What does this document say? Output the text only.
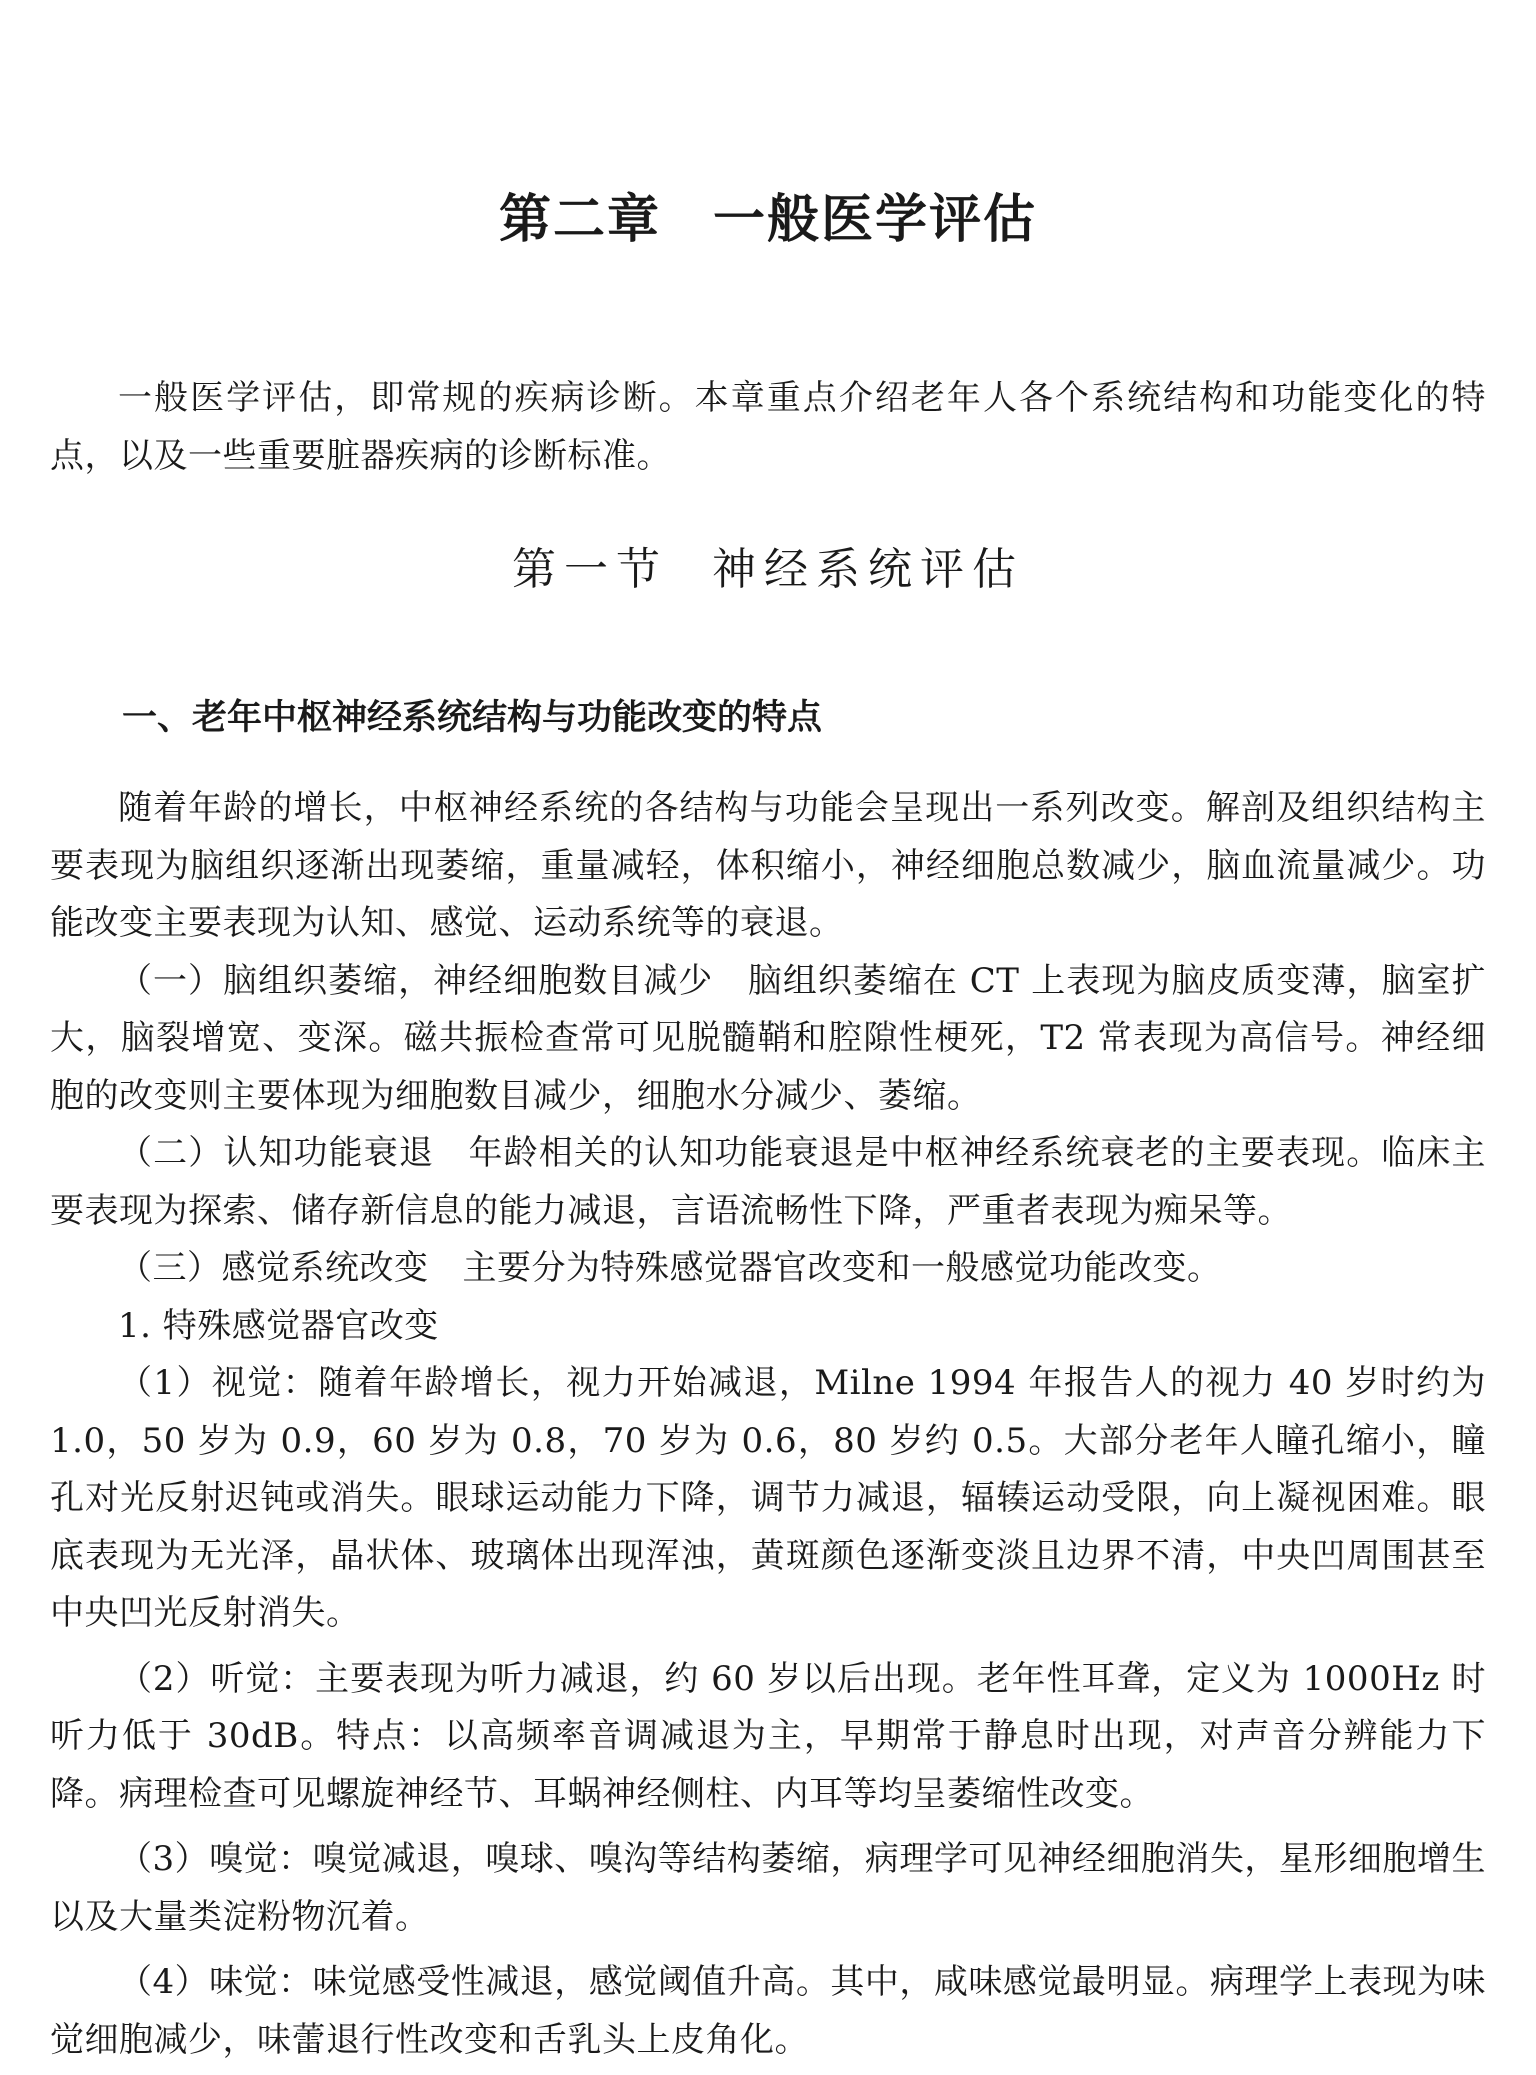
第二章 一般医学评估

一般医学评估，即常规的疾病诊断。本章重点介绍老年人各个系统结构和功能变化的特点，以及一些重要脏器疾病的诊断标准。

第一节 神经系统评估
一、老年中枢神经系统结构与功能改变的特点

随着年龄的增长，中枢神经系统的各结构与功能会呈现出一系列改变。解剖及组织结构主要表现为脑组织逐渐出现萎缩，重量减轻，体积缩小，神经细胞总数减少，脑血流量减少。功能改变主要表现为认知、感觉、运动系统等的衰退。

（一）脑组织萎缩，神经细胞数目减少 脑组织萎缩在 CT 上表现为脑皮质变薄，脑室扩大，脑裂增宽、变深。磁共振检查常可见脱髓鞘和腔隙性梗死，T2 常表现为高信号。神经细胞的改变则主要体现为细胞数目减少，细胞水分减少、萎缩。

（二）认知功能衰退 年龄相关的认知功能衰退是中枢神经系统衰老的主要表现。临床主要表现为探索、储存新信息的能力减退，言语流畅性下降，严重者表现为痴呆等。

（三）感觉系统改变 主要分为特殊感觉器官改变和一般感觉功能改变。

1. 特殊感觉器官改变

（1）视觉：随着年龄增长，视力开始减退，Milne 1994 年报告人的视力 40 岁时约为 1.0，50 岁为 0.9，60 岁为 0.8，70 岁为 0.6，80 岁约 0.5。大部分老年人瞳孔缩小，瞳孔对光反射迟钝或消失。眼球运动能力下降，调节力减退，辐辏运动受限，向上凝视困难。眼底表现为无光泽，晶状体、玻璃体出现浑浊，黄斑颜色逐渐变淡且边界不清，中央凹周围甚至中央凹光反射消失。

（2）听觉：主要表现为听力减退，约 60 岁以后出现。老年性耳聋，定义为 1000Hz 时听力低于 30dB。特点：以高频率音调减退为主，早期常于静息时出现，对声音分辨能力下降。病理检查可见螺旋神经节、耳蜗神经侧柱、内耳等均呈萎缩性改变。

（3）嗅觉：嗅觉减退，嗅球、嗅沟等结构萎缩，病理学可见神经细胞消失，星形细胞增生以及大量类淀粉物沉着。

（4）味觉：味觉感受性减退，感觉阈值升高。其中，咸味感觉最明显。病理学上表现为味觉细胞减少，味蕾退行性改变和舌乳头上皮角化。
